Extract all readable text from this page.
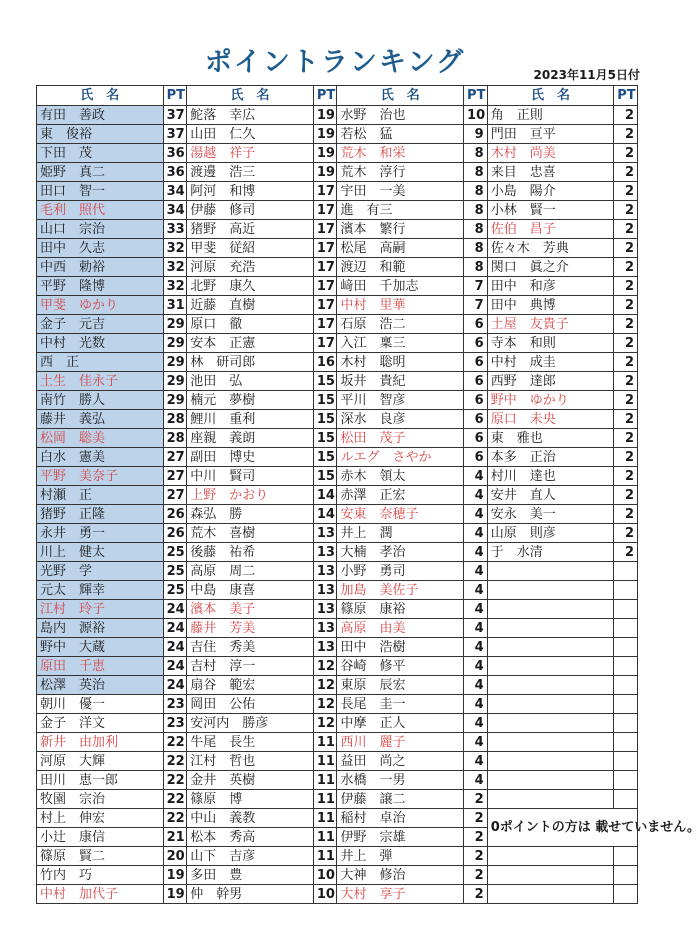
ポイントランキング	2023年11月5日付
氏　名	PT	氏　名	PT	氏　名	PT	氏　名	PT
有田　善政	37	鮀落　幸広	19	水野　治也	10	角　正則	2
東　俊裕	37	山田　仁久	19	若松　猛	9	門田　亘平	2
下田　茂	36	湯越　祥子	19	荒木　和栄	8	木村　尚美	2
姫野　真二	36	渡邊　浩三	19	荒木　淳行	8	来目　忠喜	2
田口　智一	34	阿河　和博	17	宇田　一美	8	小島　陽介	2
毛利　照代	34	伊藤　修司	17	進　有三	8	小林　賢一	2
山口　宗治	33	猪野　高近	17	濱本　繁行	8	佐伯　昌子	2
田中　久志	32	甲斐　従紹	17	松尾　高嗣	8	佐々木　芳典	2
中西　勅裕	32	河原　充浩	17	渡辺　和範	8	関口　眞之介	2
平野　隆博	32	北野　康久	17	﨑田　千加志	7	田中　和彦	2
甲斐　ゆかり	31	近藤　直樹	17	中村　里華	7	田中　典博	2
金子　元吉	29	原口　徹	17	石原　浩二	6	土屋　友貴子	2
中村　光数	29	安本　正憲	17	入江　稟三	6	寺本　和則	2
西　正	29	林　研司郎	16	木村　聡明	6	中村　成圭	2
土生　佳永子	29	池田　弘	15	坂井　貴紀	6	西野　達郎	2
南竹　勝人	29	楠元　夢樹	15	平川　智彦	6	野中　ゆかり	2
藤井　義弘	28	鯉川　重利	15	深水　良彦	6	原口　未央	2
松岡　聡美	28	座親　義朗	15	松田　茂子	6	東　雅也	2
白水　憲美	27	副田　博史	15	ルエグ　さやか	6	本多　正治	2
平野　美奈子	27	中川　賢司	15	赤木　領太	4	村川　達也	2
村瀬　正	27	上野　かおり	14	赤澤　正宏	4	安井　直人	2
猪野　正隆	26	森弘　勝	14	安東　奈穂子	4	安永　美一	2
永井　勇一	26	荒木　喜樹	13	井上　潤	4	山原　則彦	2
川上　健太	25	後藤　祐希	13	大楠　孝治	4	于　水清	2
光野　学	25	高原　周二	13	小野　勇司	4		
元太　輝幸	25	中島　康喜	13	加島　美佐子	4		
江村　玲子	24	濱本　美子	13	篠原　康裕	4		
島内　源裕	24	藤井　芳美	13	高原　由美	4		
野中　大蔵	24	吉住　秀美	13	田中　浩樹	4		
原田　千恵	24	吉村　淳一	12	谷崎　修平	4		
松澤　英治	24	扇谷　範宏	12	東原　辰宏	4		
朝川　優一	23	岡田　公佑	12	長尾　圭一	4		
金子　洋文	23	安河内　勝彦	12	中摩　正人	4		
新井　由加利	22	牛尾　長生	11	西川　麗子	4		
河原　大輝	22	江村　哲也	11	益田　尚之	4		
田川　恵一郎	22	金井　英樹	11	水橋　一男	4		
牧園　宗治	22	篠原　博	11	伊藤　譲二	2		
村上　伸宏	22	中山　義教	11	稲村　卓治	2	0ポイントの方は 載せていません。	
小辻　康信	21	松本　秀高	11	伊野　宗雄	2		
篠原　賢二	20	山下　吉彦	11	井上　弾	2		
竹内　巧	19	多田　豊	10	大神　修治	2		
中村　加代子	19	仲　幹男	10	大村　享子	2		
